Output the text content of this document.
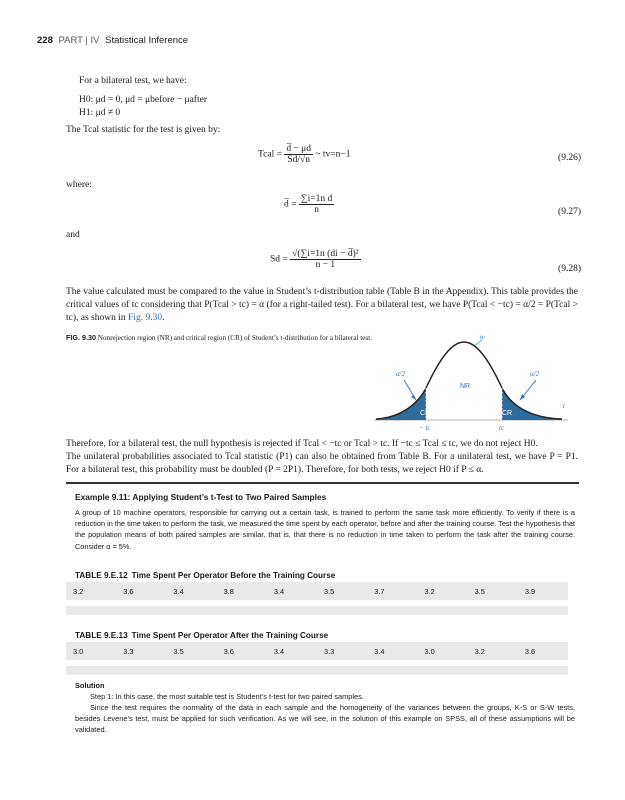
228 PART | IV Statistical Inference
For a bilateral test, we have:
H0: μd = 0, μd = μbefore − μafter
H1: μd ≠ 0
The Tcal statistic for the test is given by:
Tcal = $\frac{d̅ - \mu d}{Sd/√n}$ ~ tv=n−1	(9.26)
where:
d̅ = $\frac{\text{∑i=1n d}}{n}$	(9.27)
and
$Sd = \frac{\text{√(∑i=1n (di − d̅)²}}{n - 1}$	(9.28)
The value calculated must be compared to the value in Student’s t-distribution table (Table B in the Appendix). This table provides the critical values of tc considering that P(Tcal > tc) = α (for a right-tailed test). For a bilateral test, we have P(Tcal < −tc) = α/2 = P(Tcal > tc), as shown in Fig. 9.30.
FIG. 9.30 Nonrejection region (NR) and critical region (CR) of Student’s t-distribution for a bilateral test.
α/2	α/2
NR
CR	CR
− tc	tc
t
tv
Therefore, for a bilateral test, the null hypothesis is rejected if Tcal < −tc or Tcal > tc. If −tc ≤ Tcal ≤ tc, we do not reject H0.
The unilateral probabilities associated to Tcal statistic (P1) can also be obtained from Table B. For a unilateral test, we have P = P1. For a bilateral test, this probability must be doubled (P = 2P1). Therefore, for both tests, we reject H0 if P ≤ α.
Example 9.11: Applying Student’s t-Test to Two Paired Samples
A group of 10 machine operators, responsible for carrying out a certain task, is trained to perform the same task more efficiently. To verify if there is a reduction in the time taken to perform the task, we measured the time spent by each operator, before and after the training course. Test the hypothesis that the population means of both paired samples are similar, that is, that there is no reduction in time taken to perform the task after the training course. Consider α = 5%.
TABLE 9.E.12 Time Spent Per Operator Before the Training Course
3.2	3.6	3.4	3.8	3.4	3.5	3.7	3.2	3.5	3.9
TABLE 9.E.13 Time Spent Per Operator After the Training Course
3.0	3.3	3.5	3.6	3.4	3.3	3.4	3.0	3.2	3.6
Solution
Step 1: In this case, the most suitable test is Student’s t-test for two paired samples.
Since the test requires the normality of the data in each sample and the homogeneity of the variances between the groups, K-S or S-W tests, besides Levene’s test, must be applied for such verification. As we will see, in the solution of this example on SPSS, all of these assumptions will be validated.
